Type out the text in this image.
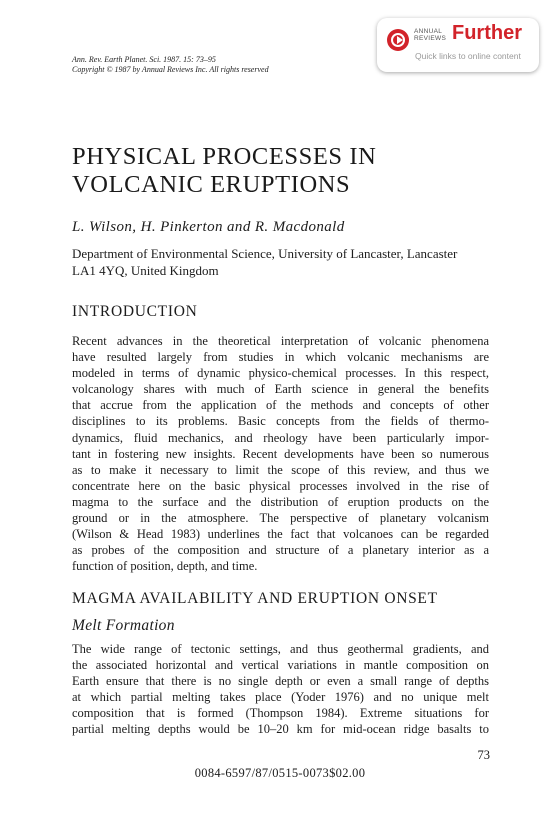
Ann. Rev. Earth Planet. Sci. 1987. 15: 73–95
Copyright © 1987 by Annual Reviews Inc. All rights reserved
ANNUAL
REVIEWS Further
Quick links to online content
PHYSICAL PROCESSES IN
VOLCANIC ERUPTIONS
L. Wilson, H. Pinkerton and R. Macdonald
Department of Environmental Science, University of Lancaster, Lancaster
LA1 4YQ, United Kingdom
INTRODUCTION
Recent advances in the theoretical interpretation of volcanic phenomena
have resulted largely from studies in which volcanic mechanisms are
modeled in terms of dynamic physico-chemical processes. In this respect,
volcanology shares with much of Earth science in general the benefits
that accrue from the application of the methods and concepts of other
disciplines to its problems. Basic concepts from the fields of thermo-
dynamics, fluid mechanics, and rheology have been particularly impor-
tant in fostering new insights. Recent developments have been so numerous
as to make it necessary to limit the scope of this review, and thus we
concentrate here on the basic physical processes involved in the rise of
magma to the surface and the distribution of eruption products on the
ground or in the atmosphere. The perspective of planetary volcanism
(Wilson & Head 1983) underlines the fact that volcanoes can be regarded
as probes of the composition and structure of a planetary interior as a
function of position, depth, and time.
MAGMA AVAILABILITY AND ERUPTION ONSET
Melt Formation
The wide range of tectonic settings, and thus geothermal gradients, and
the associated horizontal and vertical variations in mantle composition on
Earth ensure that there is no single depth or even a small range of depths
at which partial melting takes place (Yoder 1976) and no unique melt
composition that is formed (Thompson 1984). Extreme situations for
partial melting depths would be 10–20 km for mid-ocean ridge basalts to
73
0084-6597/87/0515-0073$02.00
